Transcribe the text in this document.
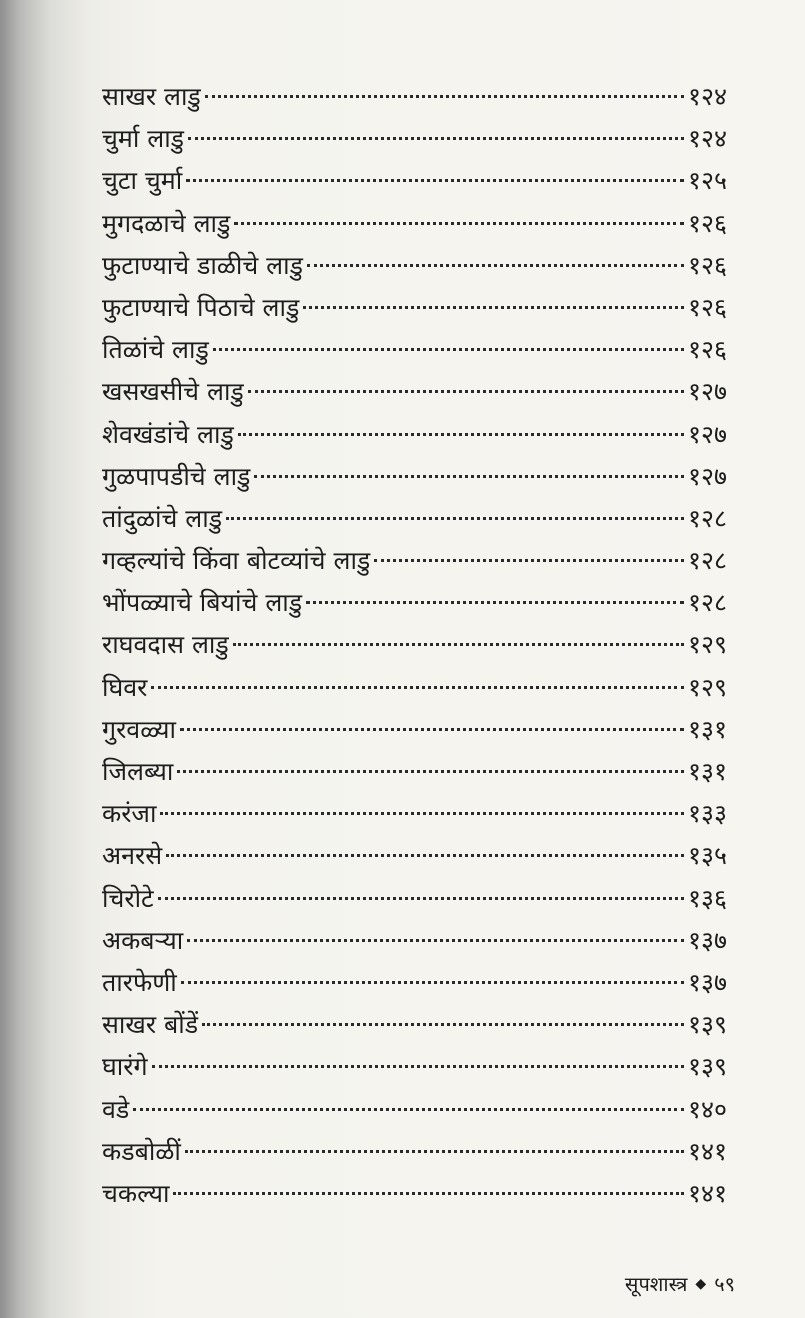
साखर लाडु	१२४
चुर्मा लाडु	१२४
चुटा चुर्मा	१२५
मुगदळाचे लाडु	१२६
फुटाण्याचे डाळीचे लाडु	१२६
फुटाण्याचे पिठाचे लाडु	१२६
तिळांचे लाडु	१२६
खसखसीचे लाडु	१२७
शेवखंडांचे लाडु	१२७
गुळपापडीचे लाडु	१२७
तांदुळांचे लाडु	१२८
गव्हल्यांचे किंवा बोटव्यांचे लाडु	१२८
भोंपळ्याचे बियांचे लाडु	१२८
राघवदास लाडु	१२९
घिवर	१२९
गुरवळ्या	१३१
जिलब्या	१३१
करंजा	१३३
अनरसे	१३५
चिरोटे	१३६
अकबऱ्या	१३७
तारफेणी	१३७
साखर बोंडें	१३९
घारंगे	१३९
वडे	१४०
कडबोळीं	१४१
चकल्या	१४१
सूपशास्त्र ◆ ५९
